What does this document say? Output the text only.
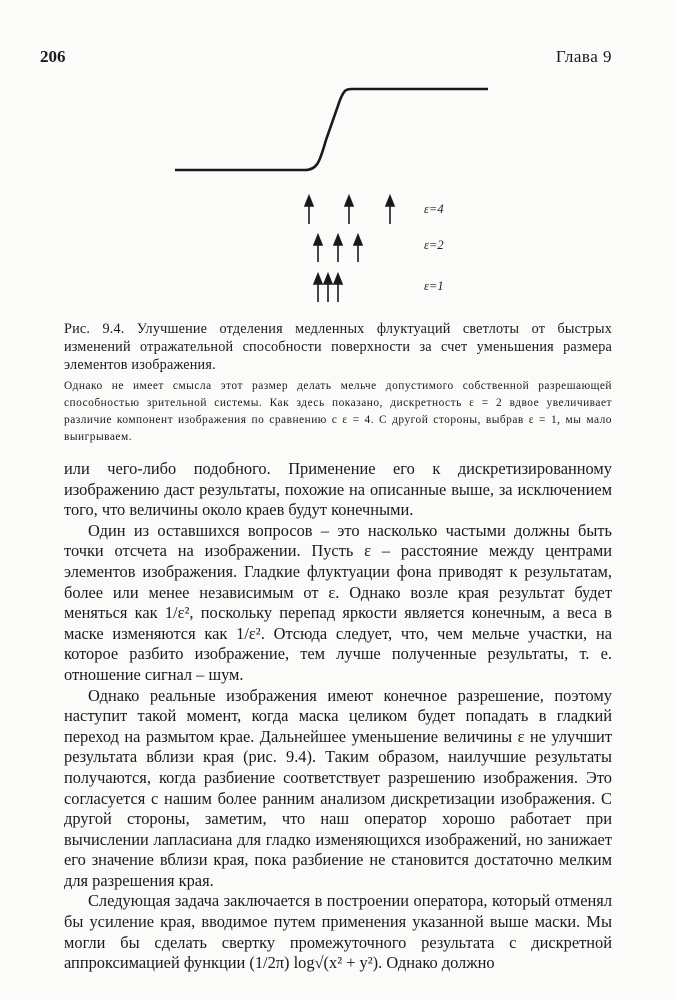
206	Глава 9
ε=4
ε=2
ε=1
Рис. 9.4. Улучшение отделения медленных флуктуаций светлоты от быстрых изменений отражательной способности поверхности за счет уменьшения размера элементов изображения.
Однако не имеет смысла этот размер делать мельче допустимого собственной разрешающей способностью зрительной системы. Как здесь показано, дискретность ε = 2 вдвое увеличивает различие компонент изображения по сравнению с ε = 4. С другой стороны, выбрав ε = 1, мы мало выигрываем.

или чего-либо подобного. Применение его к дискретизированному изображению даст результаты, похожие на описанные выше, за исключением того, что величины около краев будут конечными.

Один из оставшихся вопросов – это насколько частыми должны быть точки отсчета на изображении. Пусть ε – расстояние между центрами элементов изображения. Гладкие флуктуации фона приводят к результатам, более или менее независимым от ε. Однако возле края результат будет меняться как 1/ε², поскольку перепад яркости является конечным, а веса в маске изменяются как 1/ε². Отсюда следует, что, чем мельче участки, на которое разбито изображение, тем лучше полученные результаты, т. е. отношение сигнал – шум.

Однако реальные изображения имеют конечное разрешение, поэтому наступит такой момент, когда маска целиком будет попадать в гладкий переход на размытом крае. Дальнейшее уменьшение величины ε не улучшит результата вблизи края (рис. 9.4). Таким образом, наилучшие результаты получаются, когда разбиение соответствует разрешению изображения. Это согласуется с нашим более ранним анализом дискретизации изображения. С другой стороны, заметим, что наш оператор хорошо работает при вычислении лапласиана для гладко изменяющихся изображений, но занижает его значение вблизи края, пока разбиение не становится достаточно мелким для разрешения края.

Следующая задача заключается в построении оператора, который отменял бы усиление края, вводимое путем применения указанной выше маски. Мы могли бы сделать свертку промежуточного результата с дискретной аппроксимацией функции (1/2π) log√(x² + y²). Однако должно
